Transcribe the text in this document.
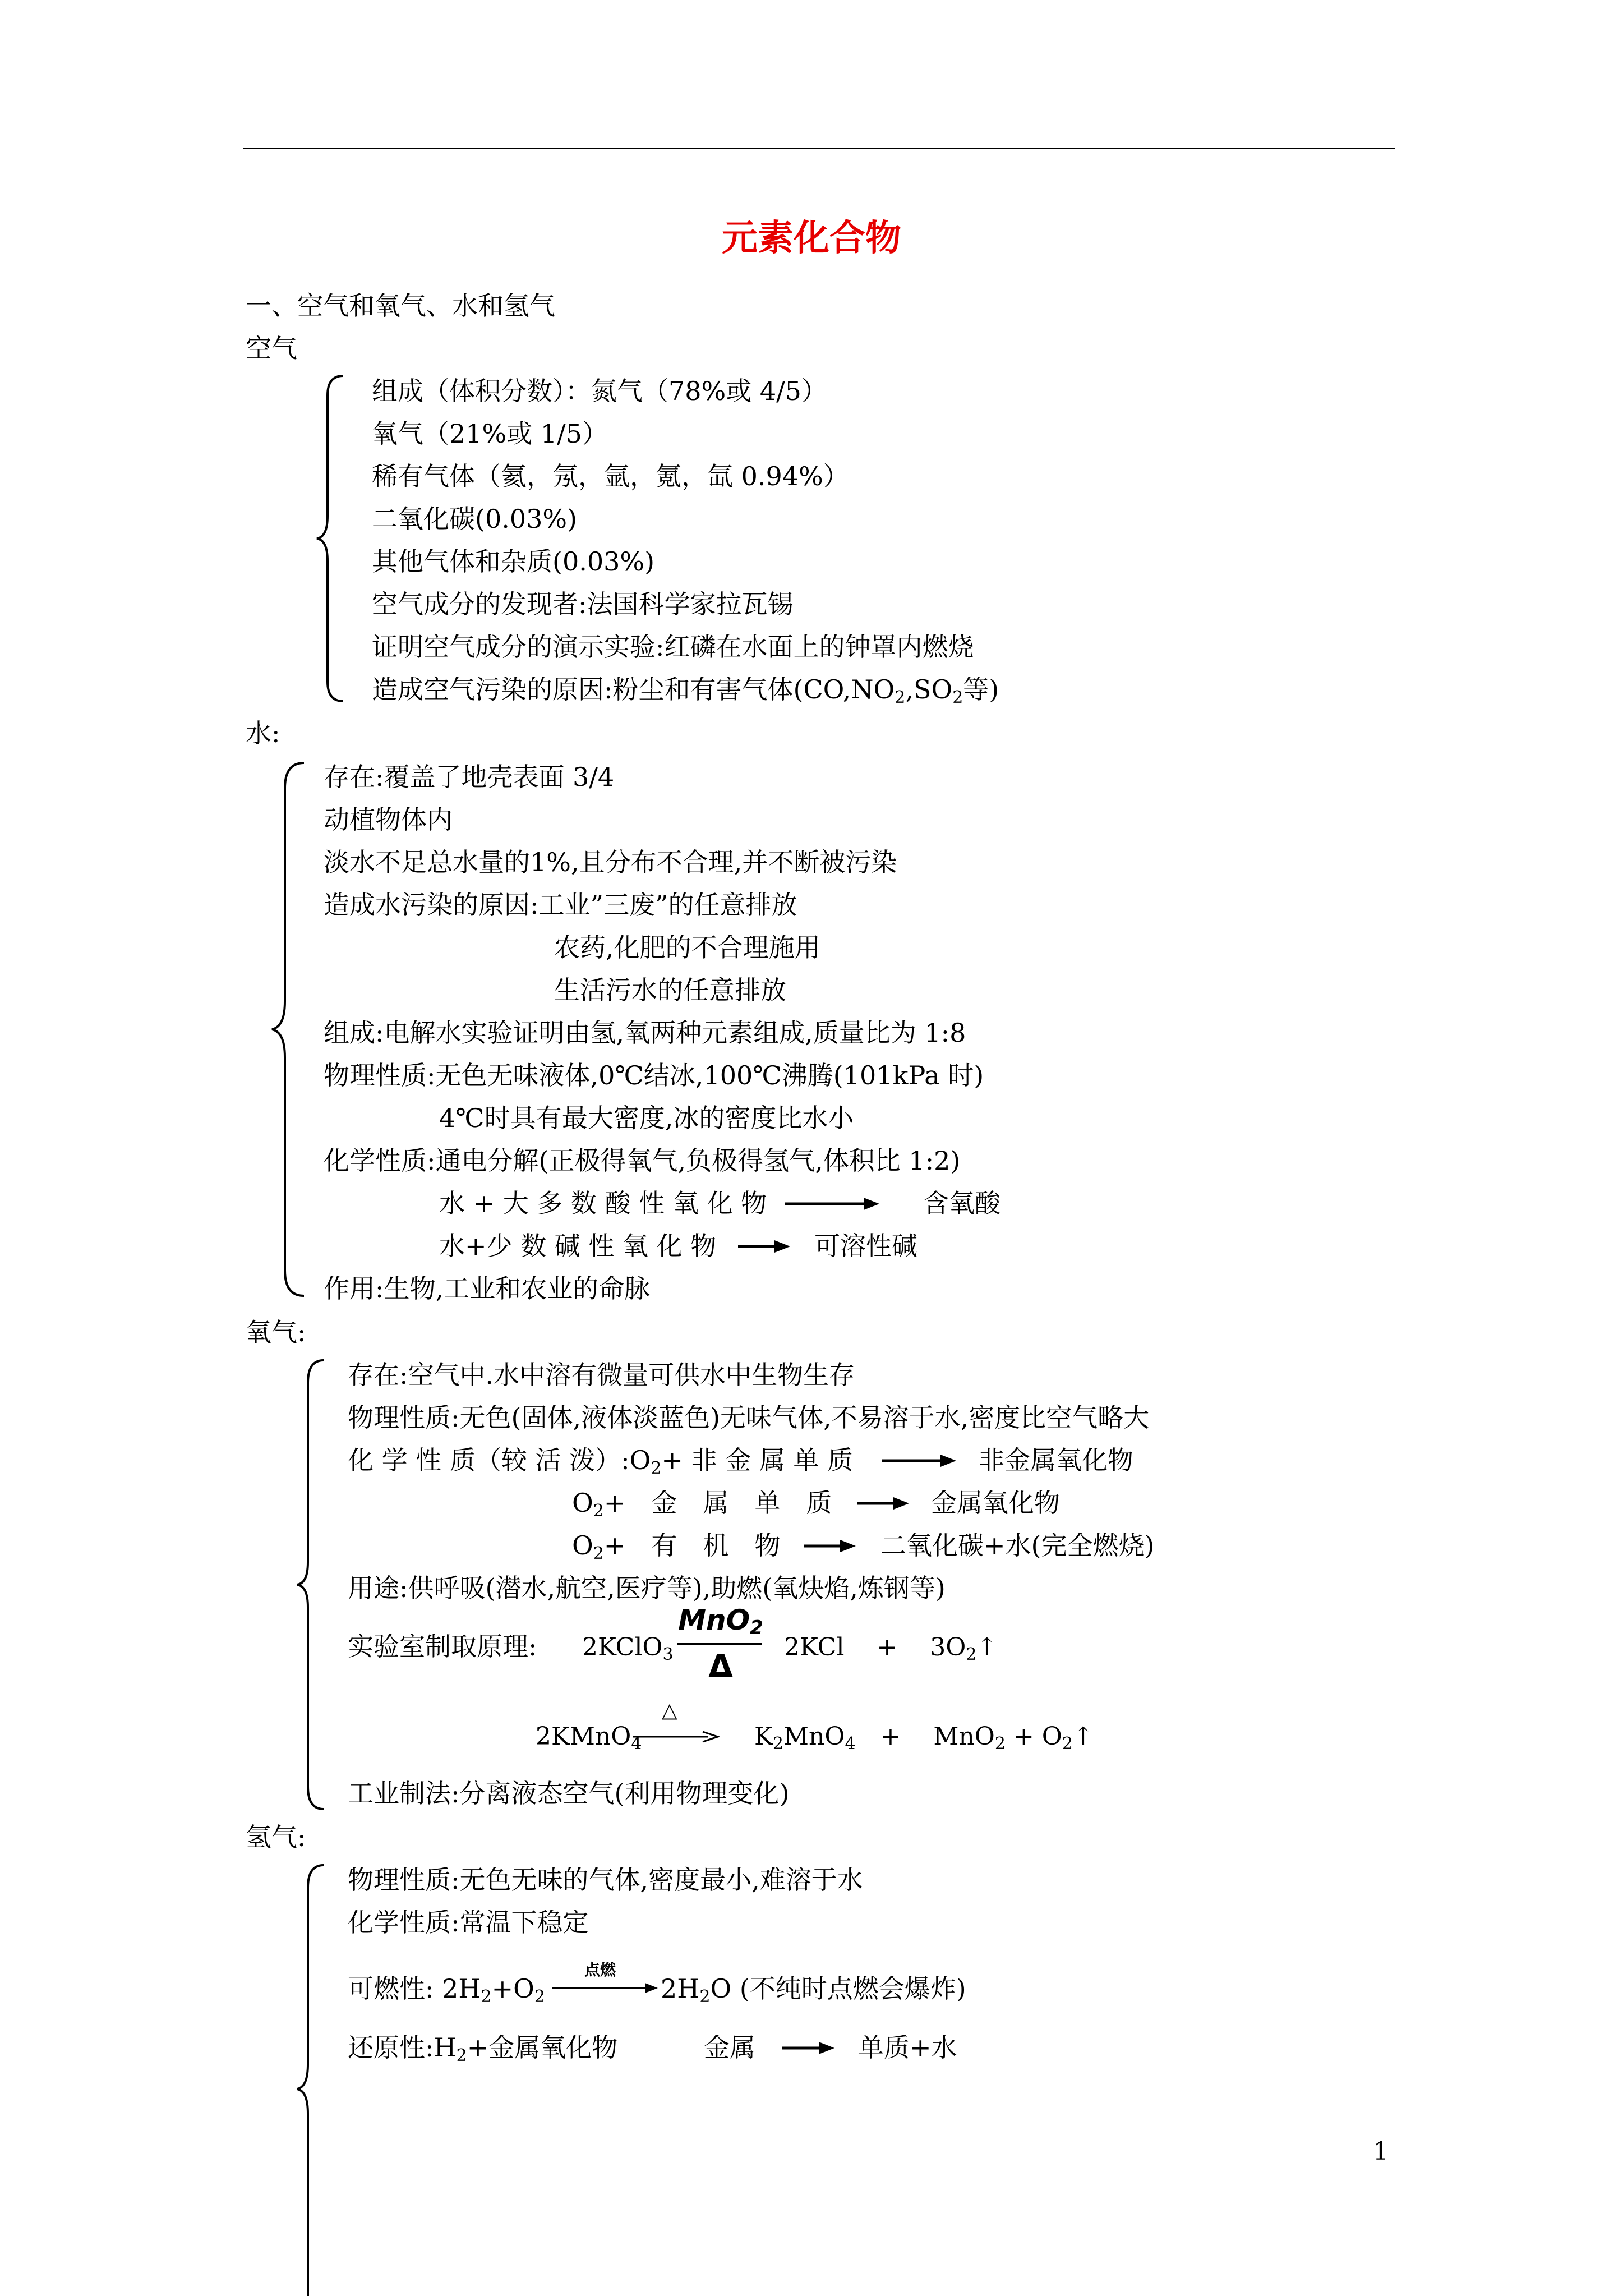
元素化合物
一、空气和氧气、水和氢气
空气
组成（体积分数）：氮气（78%或 4/5）
氧气（21%或 1/5）
稀有气体（氦，氖，氩，氪，氙 0.94%）
二氧化碳(0.03%)
其他气体和杂质(0.03%)
空气成分的发现者:法国科学家拉瓦锡
证明空气成分的演示实验:红磷在水面上的钟罩内燃烧
造成空气污染的原因:粉尘和有害气体($CO,NO_2,SO_2$等)
水:
存在:覆盖了地壳表面 3/4
动植物体内
淡水不足总水量的1%,且分布不合理,并不断被污染
造成水污染的原因:工业”三废”的任意排放
农药,化肥的不合理施用
生活污水的任意排放
组成:电解水实验证明由氢,氧两种元素组成,质量比为 1:8
物理性质:无色无味液体,0℃结冰,100℃沸腾(101kPa 时)
4℃时具有最大密度,冰的密度比水小
化学性质:通电分解(正极得氧气,负极得氢气,体积比 1:2)
水 + 大 多 数 酸 性 氧 化 物	含氧酸
水+少 数 碱 性 氧 化 物	可溶性碱
作用:生物,工业和农业的命脉
氧气:
存在:空气中.水中溶有微量可供水中生物生存
物理性质:无色(固体,液体淡蓝色)无味气体,不易溶于水,密度比空气略大
化 学 性 质（较 活 泼）$:O_2+$ 非 金 属 单 质	非金属氧化物
$O_2+$　金　属　单　质	金属氧化物
$O_2+$　有　机　物	二氧化碳+水(完全燃烧)
用途:供呼吸(潜水,航空,医疗等),助燃(氧炔焰,炼钢等)
实验室制取原理: 2KClO$_3$
MnO$_2$
Δ
2KCl　 +　 $3O_2↑$
2KMnO$_4$
△
$K_2MnO_4$　+　 $MnO_2 + O_2↑$
工业制法:分离液态空气(利用物理变化)
氢气:
物理性质:无色无味的气体,密度最小,难溶于水
化学性质:常温下稳定
可燃性: $2H_2+O_2$
点燃
$2H_2O$ (不纯时点燃会爆炸)
还原性$:H_2+$金属氧化物	金属	单质+水
1
